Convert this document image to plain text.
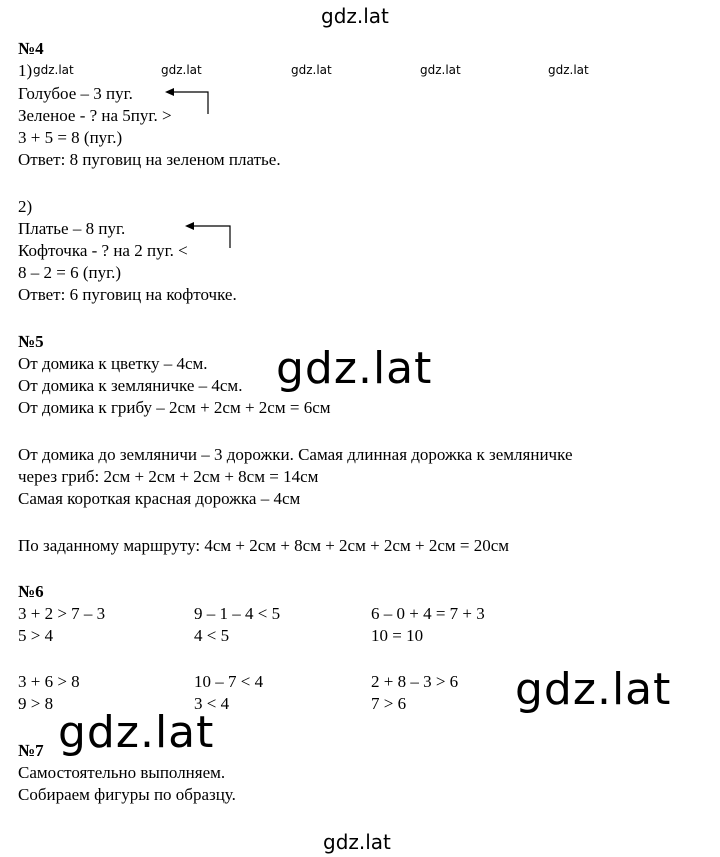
gdz.lat
№4
1) gdz.lat	gdz.lat	gdz.lat	gdz.lat	gdz.lat
Голубое – 3 пуг.
Зеленое - ? на 5пуг. >
3 + 5 = 8 (пуг.)
Ответ: 8 пуговиц на зеленом платье.
2)
Платье – 8 пуг.
Кофточка - ? на 2 пуг. <
8 – 2 = 6 (пуг.)
Ответ: 6 пуговиц на кофточке.
№5
От домика к цветку – 4см.
От домика к земляничке – 4см.
От домика к грибу – 2см + 2см + 2см = 6см
gdz.lat
От домика до земляничи – 3 дорожки. Самая длинная дорожка к земляничке
через гриб: 2см + 2см + 2см + 8см = 14см
Самая короткая красная дорожка – 4см
По заданному маршруту: 4см + 2см + 8см + 2см + 2см + 2см = 20см
№6
3 + 2 > 7 – 3	9 – 1 – 4 < 5	6 – 0 + 4 = 7 + 3
5 > 4	4 < 5	10 = 10
3 + 6 > 8	10 – 7 < 4	2 + 8 – 3 > 6
9 > 8	3 < 4	7 > 6 gdz.lat
№7
Самостоятельно выполняем.
Собираем фигуры по образцу.
gdz.lat
gdz.lat
